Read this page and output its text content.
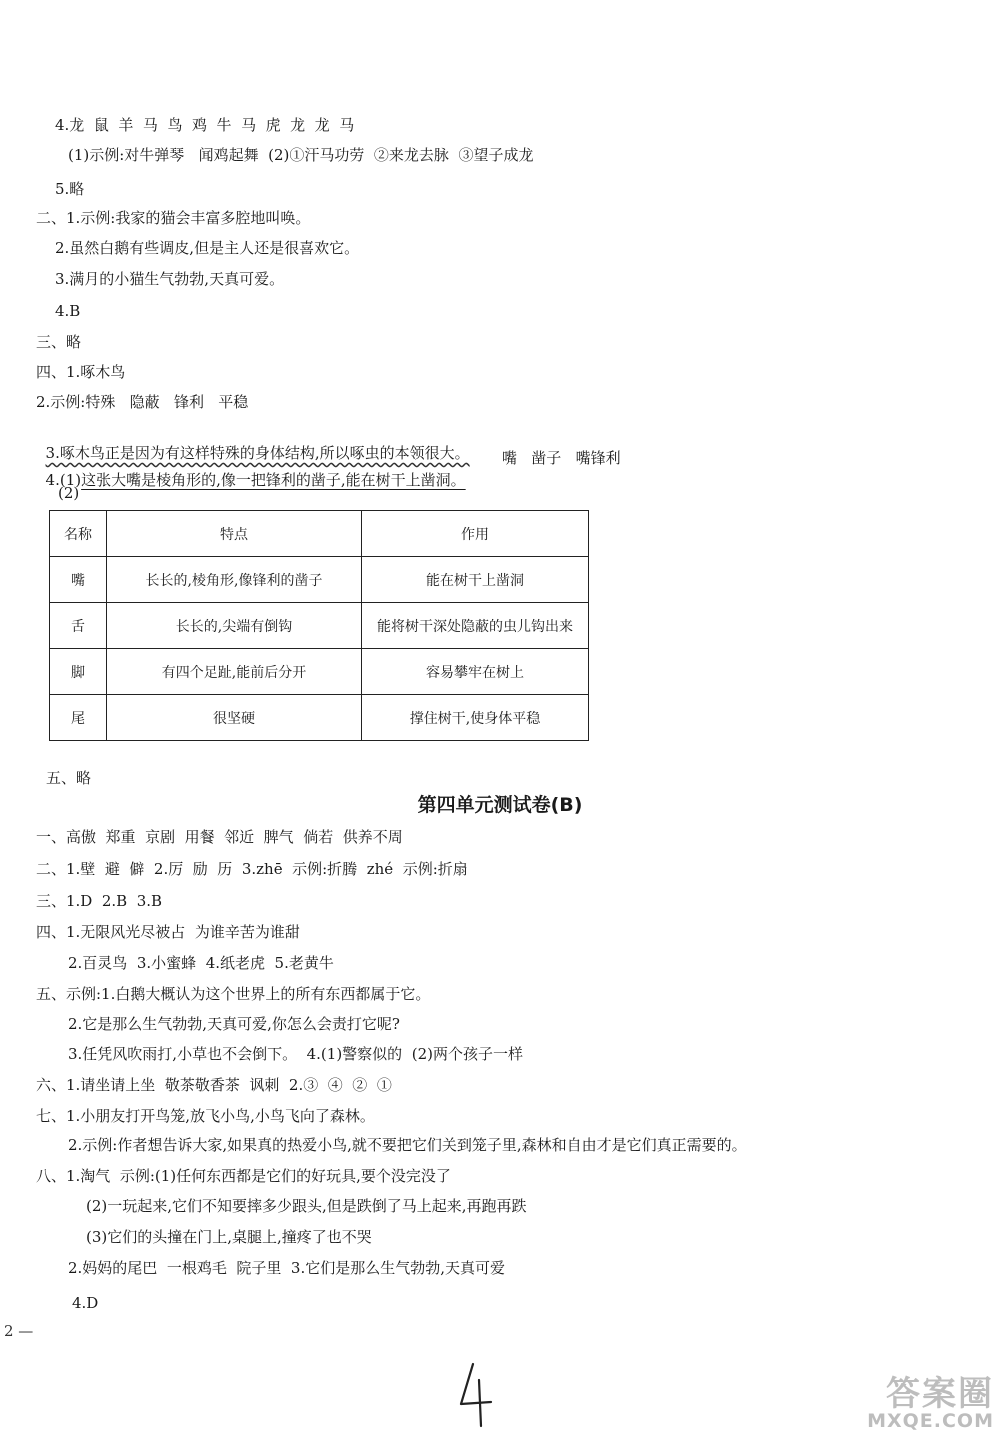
4.龙  鼠  羊  马  鸟  鸡  牛  马  虎  龙  龙  马
(1)示例:对牛弹琴   闻鸡起舞  (2)①汗马功劳  ②来龙去脉  ③望子成龙
5.略
二、1.示例:我家的猫会丰富多腔地叫唤。
2.虽然白鹅有些调皮,但是主人还是很喜欢它。
3.满月的小猫生气勃勃,天真可爱。
4.B
三、略
四、1.啄木鸟
2.示例:特殊   隐蔽   锋利   平稳

3.啄木鸟正是因为有这样特殊的身体结构,所以啄虫的本领很大。

4.(1)这张大嘴是棱角形的,像一把锋利的凿子,能在树干上凿洞。

嘴   凿子   嘴锋利
(2)
名称	特点	作用
嘴	长长的,棱角形,像锋利的凿子	能在树干上凿洞
舌	长长的,尖端有倒钩	能将树干深处隐蔽的虫儿钩出来
脚	有四个足趾,能前后分开	容易攀牢在树上
尾	很坚硬	撑住树干,使身体平稳
五、略
第四单元测试卷(B)
一、高傲  郑重  京剧  用餐  邻近  脾气  倘若  供养不周
二、1.壁  避  僻  2.厉  励  历  3.zhē  示例:折腾  zhé  示例:折扇
三、1.D  2.B  3.B
四、1.无限风光尽被占  为谁辛苦为谁甜
2.百灵鸟  3.小蜜蜂  4.纸老虎  5.老黄牛
五、示例:1.白鹅大概认为这个世界上的所有东西都属于它。
2.它是那么生气勃勃,天真可爱,你怎么会责打它呢?
3.任凭风吹雨打,小草也不会倒下。  4.(1)警察似的  (2)两个孩子一样
六、1.请坐请上坐  敬茶敬香茶  讽刺  2.③  ④  ②  ①
七、1.小朋友打开鸟笼,放飞小鸟,小鸟飞向了森林。
2.示例:作者想告诉大家,如果真的热爱小鸟,就不要把它们关到笼子里,森林和自由才是它们真正需要的。
八、1.淘气  示例:(1)任何东西都是它们的好玩具,要个没完没了
(2)一玩起来,它们不知要摔多少跟头,但是跌倒了马上起来,再跑再跌
(3)它们的头撞在门上,桌腿上,撞疼了也不哭
2.妈妈的尾巴  一根鸡毛  院子里  3.它们是那么生气勃勃,天真可爱
4.D
2 —
答案圈
MXQE.COM
